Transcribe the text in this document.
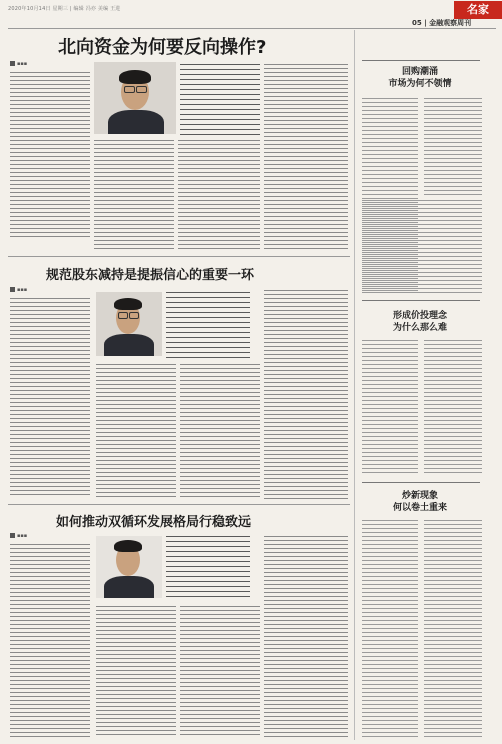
2020年10月14日 星期三 | 编辑 冯亦 美编 王进	名家
05 | 金融观察周刊
北向资金为何要反向操作?
▪▪▪
规范股东减持是提振信心的重要一环
▪▪▪
如何推动双循环发展格局行稳致远
▪▪▪
回购潮涌
市场为何不领情
形成价投理念
为什么那么难
炒新现象
何以卷土重来
